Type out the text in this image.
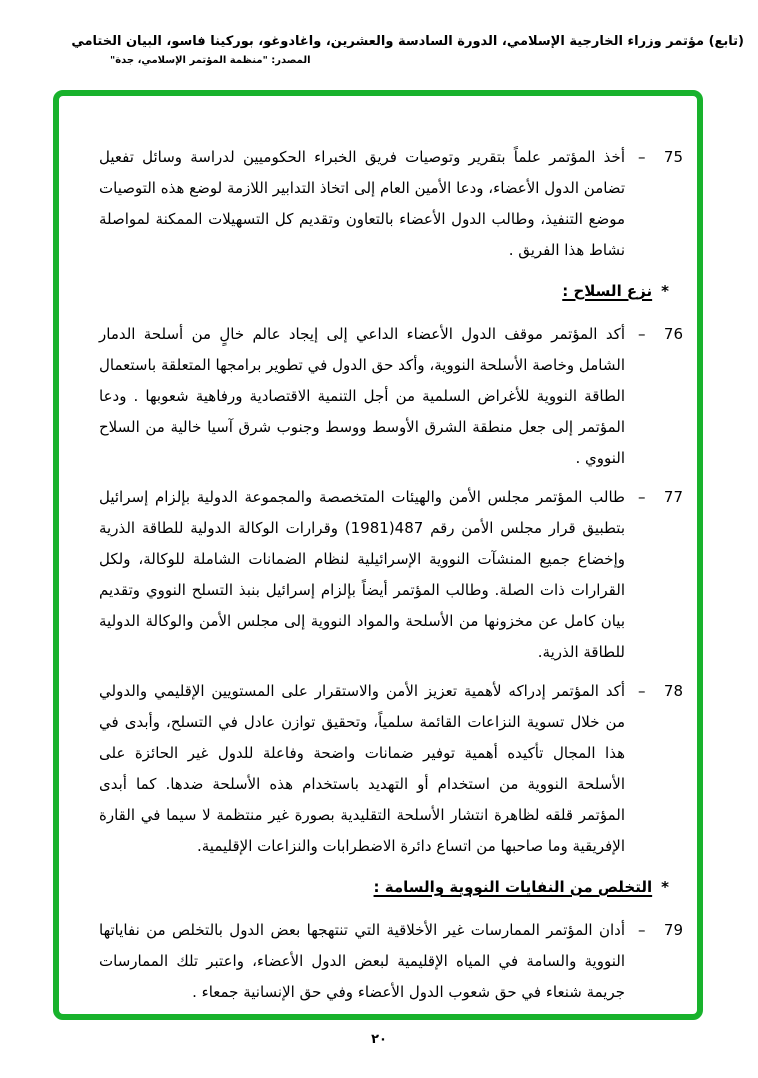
(تابع) مؤتمر وزراء الخارجية الإسلامي، الدورة السادسة والعشرين، واغادوغو، بوركينا فاسو، البيان الختامي
المصدر: "منظمة المؤتمر الإسلامي، جدة"
75
–
أخذ المؤتمر علماً بتقرير وتوصيات فريق الخبراء الحكوميين لدراسة وسائل تفعيل تضامن الدول الأعضاء، ودعا الأمين العام إلى اتخاذ التدابير اللازمة لوضع هذه التوصيات موضع التنفيذ، وطالب الدول الأعضاء بالتعاون وتقديم كل التسهيلات الممكنة لمواصلة نشاط هذا الفريق .
*نزع السلاح :
76
–
أكد المؤتمر موقف الدول الأعضاء الداعي إلى إيجاد عالم خالٍ من أسلحة الدمار الشامل وخاصة الأسلحة النووية، وأكد حق الدول في تطوير برامجها المتعلقة باستعمال الطاقة النووية للأغراض السلمية من أجل التنمية الاقتصادية ورفاهية شعوبها . ودعا المؤتمر إلى جعل منطقة الشرق الأوسط ووسط وجنوب شرق آسيا خالية من السلاح النووي .
77
–
طالب المؤتمر مجلس الأمن والهيئات المتخصصة والمجموعة الدولية بإلزام إسرائيل بتطبيق قرار مجلس الأمن رقم 487(1981) وقرارات الوكالة الدولية للطاقة الذرية وإخضاع جميع المنشآت النووية الإسرائيلية لنظام الضمانات الشاملة للوكالة، ولكل القرارات ذات الصلة. وطالب المؤتمر أيضاً بإلزام إسرائيل بنبذ التسلح النووي وتقديم بيان كامل عن مخزونها من الأسلحة والمواد النووية إلى مجلس الأمن والوكالة الدولية للطاقة الذرية.
78
–
أكد المؤتمر إدراكه لأهمية تعزيز الأمن والاستقرار على المستويين الإقليمي والدولي من خلال تسوية النزاعات القائمة سلمياً، وتحقيق توازن عادل في التسلح، وأبدى في هذا المجال تأكيده أهمية توفير ضمانات واضحة وفاعلة للدول غير الحائزة على الأسلحة النووية من استخدام أو التهديد باستخدام هذه الأسلحة ضدها. كما أبدى المؤتمر قلقه لظاهرة انتشار الأسلحة التقليدية بصورة غير منتظمة لا سيما في القارة الإفريقية وما صاحبها من اتساع دائرة الاضطرابات والنزاعات الإقليمية.
*التخلص من النفايات النووية والسامة :
79
–
أدان المؤتمر الممارسات غير الأخلاقية التي تنتهجها بعض الدول بالتخلص من نفاياتها النووية والسامة في المياه الإقليمية لبعض الدول الأعضاء، واعتبر تلك الممارسات جريمة شنعاء في حق شعوب الدول الأعضاء وفي حق الإنسانية جمعاء .
٢٠
